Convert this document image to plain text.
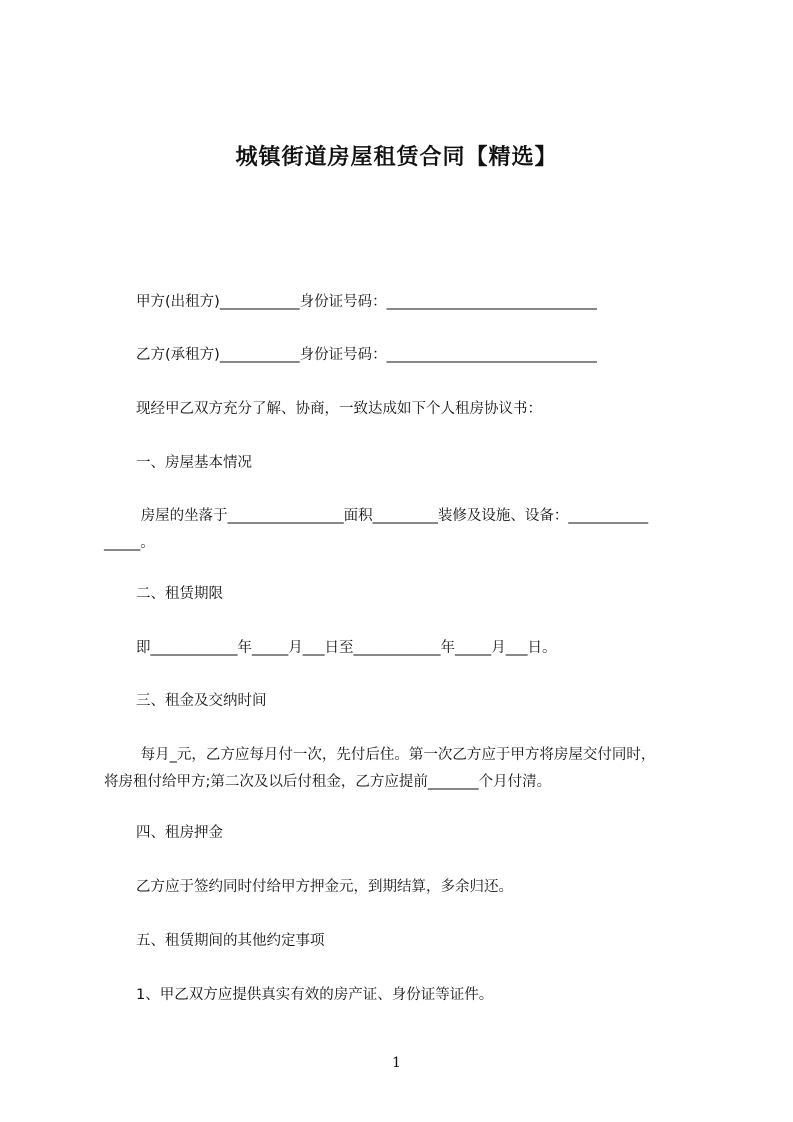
城镇街道房屋租赁合同【精选】
甲方(出租方)___________身份证号码：_____________________________
乙方(承租方)___________身份证号码：_____________________________
现经甲乙双方充分了解、协商，一致达成如下个人租房协议书：
一、房屋基本情况
房屋的坐落于________________面积_________装修及设施、设备：___________
_____。
二、租赁期限
即____________年_____月___日至____________年_____月___日。
三、租金及交纳时间
每月_元，乙方应每月付一次，先付后住。第一次乙方应于甲方将房屋交付同时，
将房租付给甲方;第二次及以后付租金，乙方应提前_______个月付清。
四、租房押金
乙方应于签约同时付给甲方押金元，到期结算，多余归还。
五、租赁期间的其他约定事项
1、甲乙双方应提供真实有效的房产证、身份证等证件。
1
